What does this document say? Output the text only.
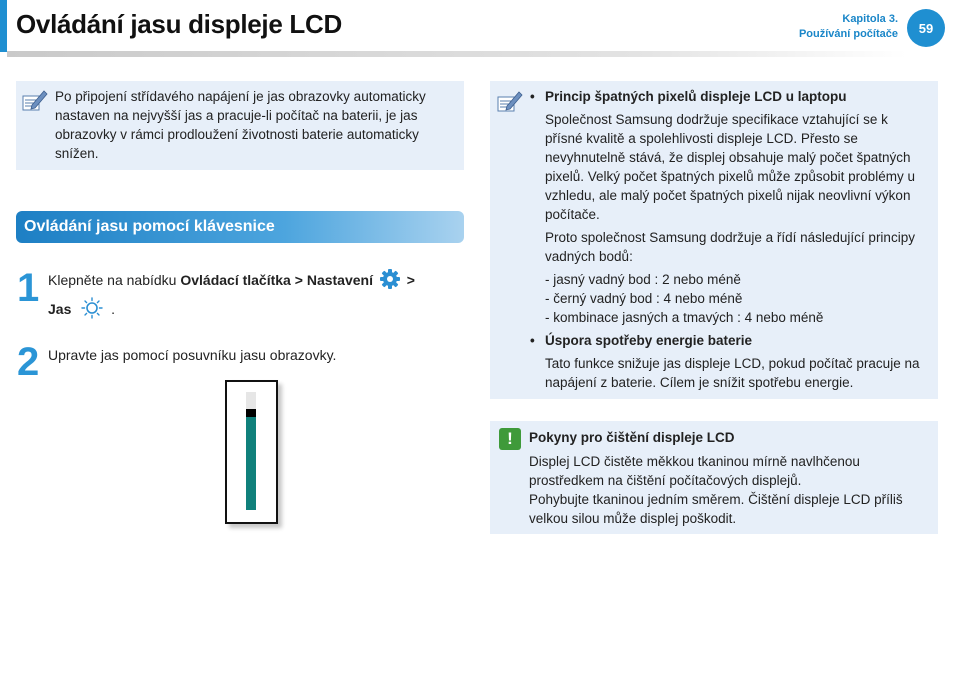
Ovládání jasu displeje LCD	Kapitola 3.
Používání počítače	59
Po připojení střídavého napájení je jas obrazovky automaticky nastaven na nejvyšší jas a pracuje-li počítač na baterii, je jas obrazovky v rámci prodloužení životnosti baterie automaticky snížen.
Ovládání jasu pomocí klávesnice
1 Klepněte na nabídku Ovládací tlačítka > Nastavení  >
Jas	.
2 Upravte jas pomocí posuvníku jasu obrazovky.

• Princip špatných pixelů displeje LCD u laptopu

Společnost Samsung dodržuje specifikace vztahující se k přísné kvalitě a spolehlivosti displeje LCD. Přesto se nevyhnutelně stává, že displej obsahuje malý počet špatných pixelů. Velký počet špatných pixelů může způsobit problémy u vzhledu, ale malý počet špatných pixelů nijak neovlivní výkon počítače.

Proto společnost Samsung dodržuje a řídí následující principy vadných bodů:

- jasný vadný bod : 2 nebo méně

- černý vadný bod : 4 nebo méně

- kombinace jasných a tmavých : 4 nebo méně

• Úspora spotřeby energie baterie

Tato funkce snižuje jas displeje LCD, pokud počítač pracuje na napájení z baterie. Cílem je snížit spotřebu energie.

!	Pokyny pro čištění displeje LCD

Displej LCD čistěte měkkou tkaninou mírně navlhčenou prostředkem na čištění počítačových displejů.

Pohybujte tkaninou jedním směrem. Čištění displeje LCD příliš velkou silou může displej poškodit.
